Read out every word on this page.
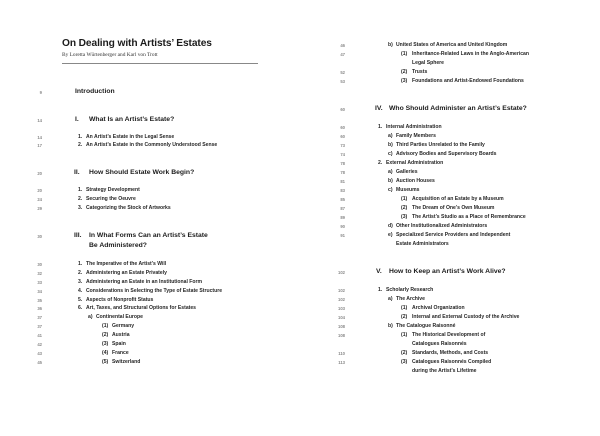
On Dealing with Artists’ Estates
By Loretta Würtenberger and Karl von Trott
9	Introduction
14	I. What Is an Artist’s Estate?
14	1. An Artist’s Estate in the Legal Sense
17	2. An Artist’s Estate in the Commonly Understood Sense
20	II. How Should Estate Work Begin?
20	1. Strategy Development
24	2. Securing the Oeuvre
29	3. Categorizing the Stock of Artworks
30	III. In What Forms Can an Artist’s Estate
Be Administered?
30	1. The Imperative of the Artist’s Will
32	2. Administering an Estate Privately
33	3. Administering an Estate in an Institutional Form
34	4. Considerations in Selecting the Type of Estate Structure
35	5. Aspects of Nonprofit Status
36	6. Art, Taxes, and Structural Options for Estates
37	a) Continental Europe
37	(1) Germany
41	(2) Austria
42	(3) Spain
43	(4) France
45	(5) Switzerland
46	b) United States of America and United Kingdom
47	(1) Inheritance-Related Laws in the Anglo-American
Legal Sphere
52	(2) Trusts
53	(3) Foundations and Artist-Endowed Foundations
60	IV. Who Should Administer an Artist’s Estate?
60	1. Internal Administration
60	a) Family Members
73	b) Third Parties Unrelated to the Family
74	c) Advisory Bodies and Supervisory Boards
78	2. External Administration
78	a) Galleries
81	b) Auction Houses
83	c) Museums
85	(1) Acquisition of an Estate by a Museum
87	(2) The Dream of One’s Own Museum
89	(3) The Artist’s Studio as a Place of Remembrance
90	d) Other Institutionalized Administrators
91	e) Specialized Service Providers and Independent
Estate Administrators
102	V. How to Keep an Artist’s Work Alive?
102	1. Scholarly Research
102	a) The Archive
103	(1) Archival Organization
104	(2) Internal and External Custody of the Archive
108	b) The Catalogue Raisonné
108	(1) The Historical Development of
Catalogues Raisonnés
110	(2) Standards, Methods, and Costs
113	(3) Catalogues Raisonnés Compiled
during the Artist’s Lifetime
